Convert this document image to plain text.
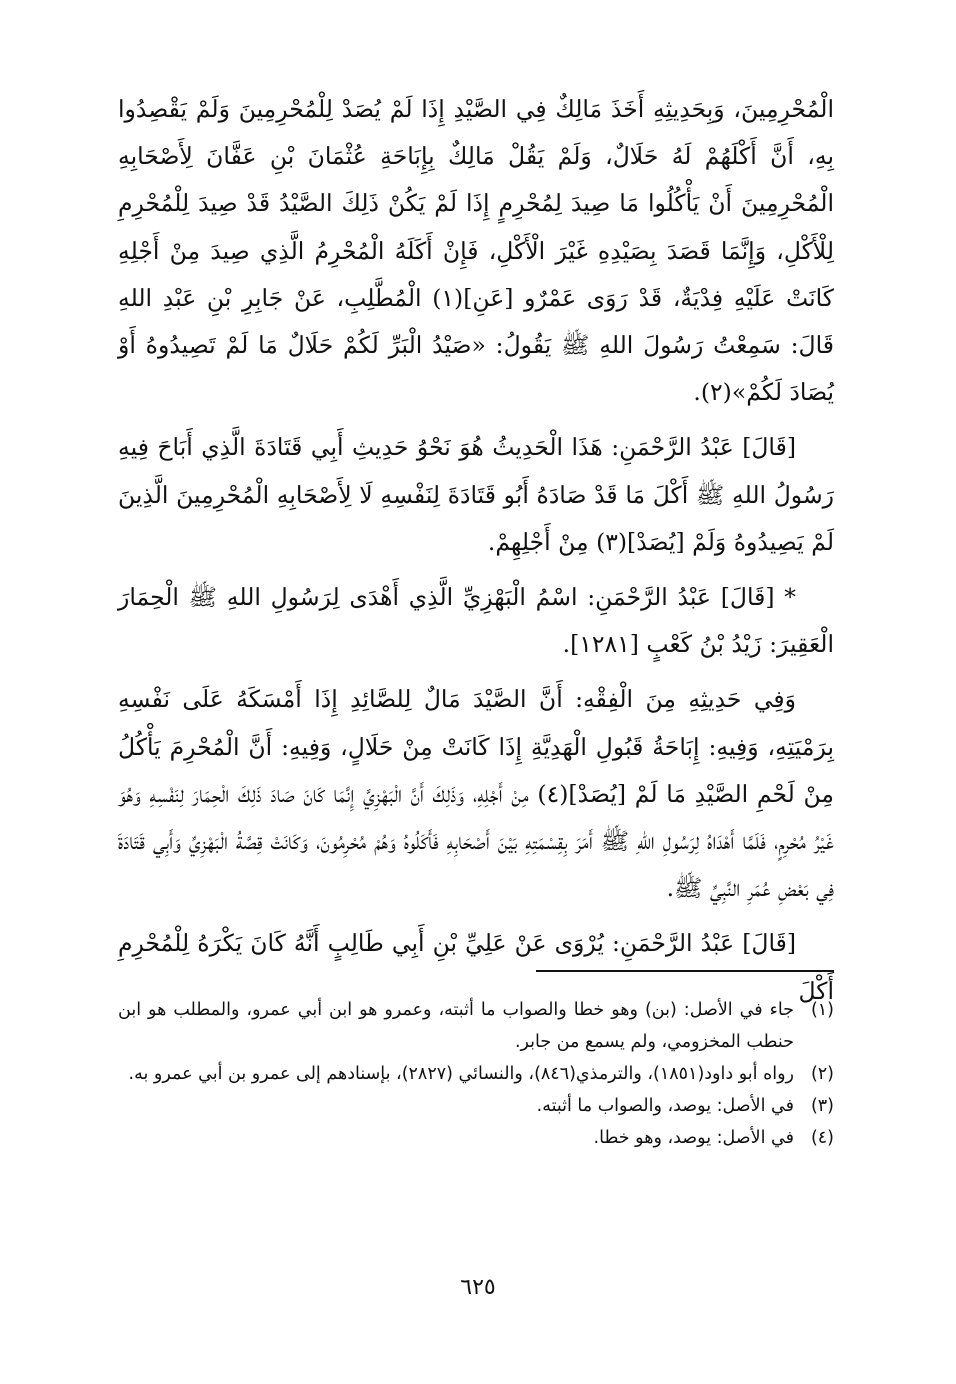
الْمُحْرِمِينَ، وَبِحَدِيثِهِ أَخَذَ مَالِكٌ فِي الصَّيْدِ إِذَا لَمْ يُصَدْ لِلْمُحْرِمِينَ وَلَمْ يَقْصِدُوا بِهِ، أَنَّ أَكْلَهُمْ لَهُ حَلَالٌ، وَلَمْ يَقُلْ مَالِكٌ بِإِبَاحَةِ عُثْمَانَ بْنِ عَفَّانَ لِأَصْحَابِهِ الْمُحْرِمِينَ أَنْ يَأْكُلُوا مَا صِيدَ لِمُحْرِمٍ إِذَا لَمْ يَكُنْ ذَلِكَ الصَّيْدُ قَدْ صِيدَ لِلْمُحْرِمِ لِلْأَكْلِ، وَإِنَّمَا قَصَدَ بِصَيْدِهِ غَيْرَ الْأَكْلِ، فَإِنْ أَكَلَهُ الْمُحْرِمُ الَّذِي صِيدَ مِنْ أَجْلِهِ كَانَتْ عَلَيْهِ فِدْيَةٌ، قَدْ رَوَى عَمْرٌو [عَنِ](١) الْمُطَّلِبِ، عَنْ جَابِرِ بْنِ عَبْدِ اللهِ قَالَ: سَمِعْتُ رَسُولَ اللهِ ﷺ يَقُولُ: «صَيْدُ الْبَرِّ لَكُمْ حَلَالٌ مَا لَمْ تَصِيدُوهُ أَوْ يُصَادَ لَكُمْ»(٢).

[قَالَ] عَبْدُ الرَّحْمَنِ: هَذَا الْحَدِيثُ هُوَ نَحْوُ حَدِيثِ أَبِي قَتَادَةَ الَّذِي أَبَاحَ فِيهِ رَسُولُ اللهِ ﷺ أَكْلَ مَا قَدْ صَادَهُ أَبُو قَتَادَةَ لِنَفْسِهِ لَا لِأَصْحَابِهِ الْمُحْرِمِينَ الَّذِينَ لَمْ يَصِيدُوهُ وَلَمْ [يُصَدْ](٣) مِنْ أَجْلِهِمْ.

* [قَالَ] عَبْدُ الرَّحْمَنِ: اسْمُ الْبَهْزِيِّ الَّذِي أَهْدَى لِرَسُولِ اللهِ ﷺ الْحِمَارَ الْعَقِيرَ: زَيْدُ بْنُ كَعْبٍ [١٢٨١].

وَفِي حَدِيثِهِ مِنَ الْفِقْهِ: أَنَّ الصَّيْدَ مَالٌ لِلصَّائِدِ إِذَا أَمْسَكَهُ عَلَى نَفْسِهِ بِرَمْيَتِهِ، وَفِيهِ: إِبَاحَةُ قَبُولِ الْهَدِيَّةِ إِذَا كَانَتْ مِنْ حَلَالٍ، وَفِيهِ: أَنَّ الْمُحْرِمَ يَأْكُلُ مِنْ لَحْمِ الصَّيْدِ مَا لَمْ [يُصَدْ](٤) مِنْ أَجْلِهِ، وَذَلِكَ أَنَّ الْبَهْزِيَّ إِنَّمَا كَانَ صَادَ ذَلِكَ الْحِمَارَ لِنَفْسِهِ وَهُوَ غَيْرُ مُحْرِمٍ، فَلَمَّا أَهْدَاهُ لِرَسُولِ اللهِ ﷺ أَمَرَ بِقِسْمَتِهِ بَيْنَ أَصْحَابِهِ فَأَكَلُوهُ وَهُمْ مُحْرِمُونَ، وَكَانَتْ قِصَّةُ الْبَهْزِيِّ وَأَبِي قَتَادَةَ فِي بَعْضِ عُمَرِ النَّبِيِّ ﷺ.

[قَالَ] عَبْدُ الرَّحْمَنِ: يُرْوَى عَنْ عَلِيِّ بْنِ أَبِي طَالِبٍ أَنَّهُ كَانَ يَكْرَهُ لِلْمُحْرِمِ أَكْلَ

(١)
جاء في الأصل: (بن) وهو خطا والصواب ما أثبته، وعمرو هو ابن أبي عمرو، والمطلب هو ابن حنطب المخزومي، ولم يسمع من جابر.
(٢)
رواه أبو داود(١٨٥١)، والترمذي(٨٤٦)، والنسائي (٢٨٢٧)، بإسنادهم إلى عمرو بن أبي عمرو به.
(٣)
في الأصل: يوصد، والصواب ما أثبته.
(٤)
في الأصل: يوصد، وهو خطا.
٦٢٥
